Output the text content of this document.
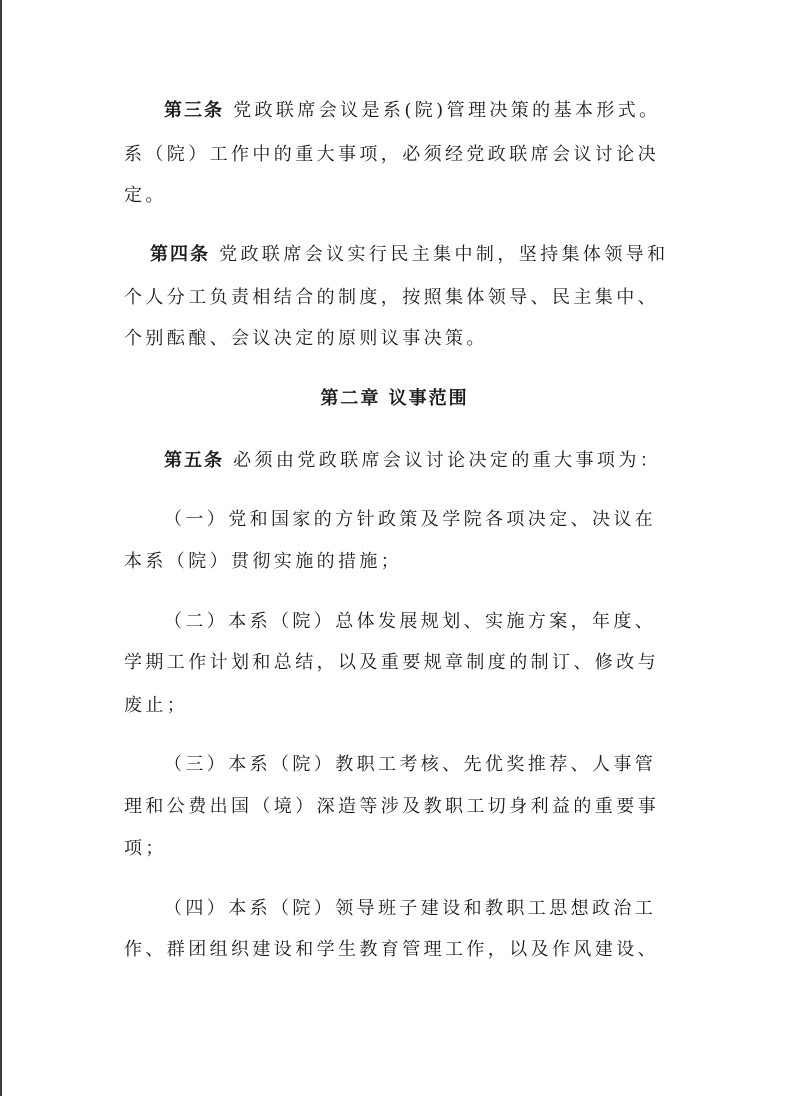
第三条 党政联席会议是系(院)管理决策的基本形式。
系（院）工作中的重大事项，必须经党政联席会议讨论决
定。
第四条 党政联席会议实行民主集中制，坚持集体领导和
个人分工负责相结合的制度，按照集体领导、民主集中、
个别酝酿、会议决定的原则议事决策。
第二章 议事范围
第五条 必须由党政联席会议讨论决定的重大事项为：
（一）党和国家的方针政策及学院各项决定、决议在
本系（院）贯彻实施的措施；
（二）本系（院）总体发展规划、实施方案，年度、
学期工作计划和总结，以及重要规章制度的制订、修改与
废止；
（三）本系（院）教职工考核、先优奖推荐、人事管
理和公费出国（境）深造等涉及教职工切身利益的重要事
项；
（四）本系（院）领导班子建设和教职工思想政治工
作、群团组织建设和学生教育管理工作，以及作风建设、
